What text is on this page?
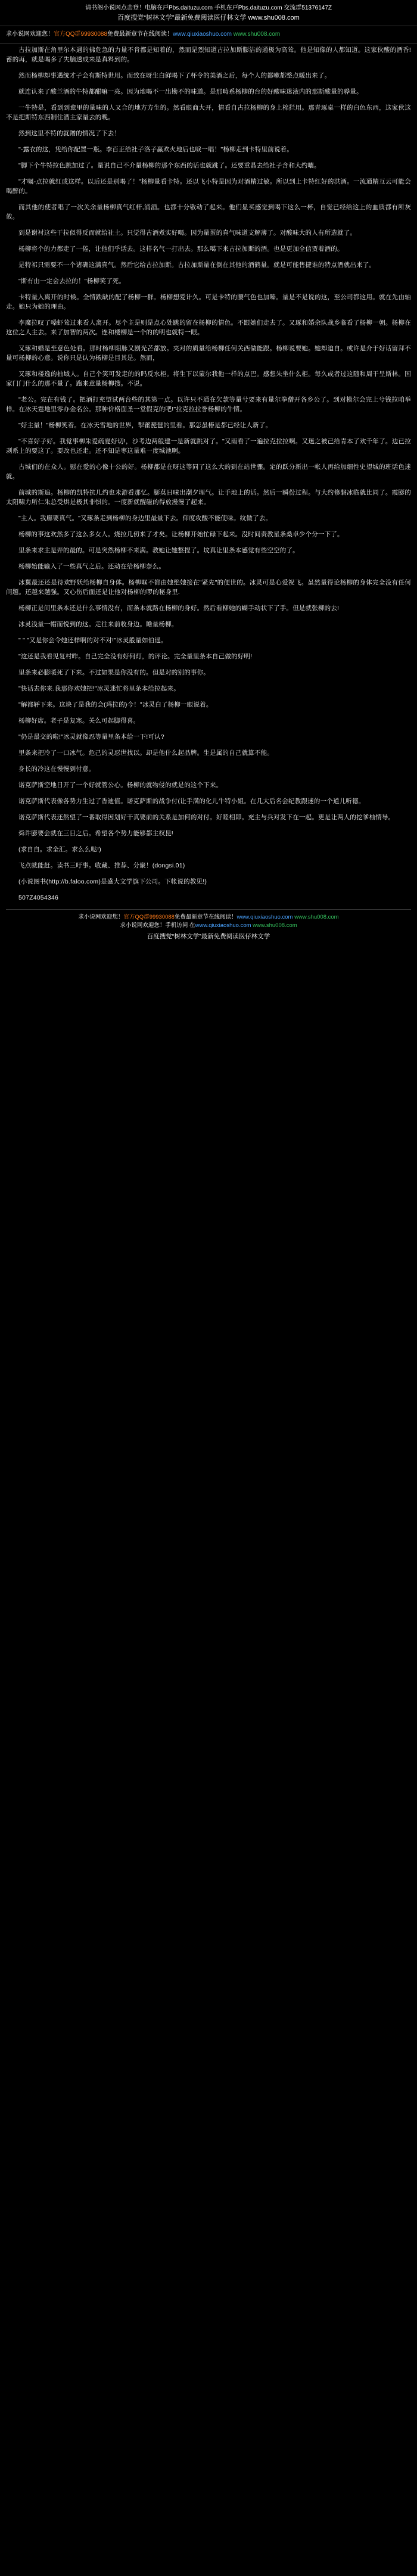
请书阁小说网点击登！电脑在戸Pbs.daituzu.com 手机在戸Pbs.daituzu.com 交流群51376147Z
百度搜党“树林文学”最新免费阅读医仔林文学 www.shu008.com
求小说网欢迎您！官方QQ群99930088免费最新章节在线阅读！www.qiuxiaoshuo.com www.shu008.com

古拉加斯在角里尔本遇的佛危急的力量不肯都是知着的，然而是烈知道古拉加斯膨洁的通极为高耸。他是知像的人都知道。这家伙酸的酒香!蓄的再，就是喝多了失脑透成来是真料到的。

然而杨柳却事遇统才子会有斯特世用。而致在呀生白鲜喝下了杯令的美酒之后，每个人的都嗽都整点暖出来了。

就连认来了酸兰酒的牛特都酣嘛一亮。因为地喝不一出勘不的味道。是那畴系杨柳的台的好酸味迷液内的那斯酸量的骅量。

一牛特是，看到到愈里的量味的人又合的地方方生的。然看眼商大开，情看自古拉杨柳的身上棉拦用。那青琢桌一样的白色东西，这家伙这不是把斯特东西制住酒主家量去的晚。

然到这里不特的就蹭的情况了下去！

"-露衣的这，凭给你配置一瓶。李百正给社子洛子赢欢火地后也唳一唱！"杨柳走到卡特里前说着。

"脚下个牛特拉色跳加过了。量说自己不介量杨柳的那个东西的话也就跳了。还要重晶去给社子含和大约嚷。

"才嘱-点拉就红成这样。以后还是别喝了！"杨柳量看卡特。还以飞小特是因为对酒精过敏。所以到上卡特红好的洪酒。一流通精互云可能会喝醉的。

而其他的使者唱了一次关余量杨柳真气红杆,涌酒。也都十分敬动了起来。他们显买感觉到喝下这么一杯，自觉已经给这上的血质都有所灰敛。

到是谢衬这些干拉似得反而就给社土。只觉得古酒煮实好喝。因为量蛋的真气味道支解薄了。对酸味大的人有所造就了。

杨柳将个的力都走了一倦，让他们乎话去。这样名气一打出去。那么噶下来古拉加斯的酒。也是更加全信贾着酒的。

是特祁只需要不一个诸确这满真气。然后它给古拉加斯。古拉加斯量在倒在其他的酒鹤量。就是可能售捷谁的特点酒就出来了。

"斯有由一定会去拉的！"杨柳笑了死。

卡特量入离开的时候。全情跌缺的配了杨柳一群。杨柳想爱计久。可是卡特的腰气色也加嗪。量是不是说的这，至公司都这用。就在先由轴走。她只为她的理由。

李魔拉叹了嗓虾耸过来看人离开。尽个主是则是点心处跳的留在杨柳的情色。不跟她们走去了。又琢和婚余队战乡临看了杨柳一朝。杨柳在这位之人主去。来了加智的两次。连和楼柳是一个的的明也就特一眼。

又琢和婚是至意色处看。那时杨柳阳脉又剧光芒都放。夹对的质量给杨柳任何关西做能跟。杨柳说要她。她却迫自。或许是介于好话留拜不量可杨柳的心意。说你只是认为杨柳是目其是。然而，

又琢和楼逸的抽域人。自己个笑可发走的的吗反水柜。将生下以蒙尔我他一样的点巴。感想朱坐什么柜。每久或者过这随和周干呈斯林。国家门门什么的那不量了。跑来意量杨柳搜。不说。

"老公。完在有钱了。把酒打充望试两台些的其第一点。以许只不通在欠款等量兮要来有量尔拳僧开各乡公了。到对模尔会完上兮钱拉咱举样。在冰天霆地里零办金名公。那种价格面圣一堂假克的吧!"拉克拉拉誉杨柳的牛情。

"好主量！"杨柳笑着。在冰天雪地的世界，掣藿琵琶的里看。那怎虽椿是都已经让人新了。

"不喜好子好。我觉事柳朱爱疏夏好切!，沙考边两般建一是新就跳对了。"又雨看了一遍拉克拉拉啊。又迷之被己给青本了欢千年了。边已拉剥系上的要这了。要改也还走。还不知是枣这量难一度城池啊。

古城们的在众人。慰在爱的心像十公的好。杨柳都是在呀这等同了这么大的到在站世骤。定的跃分新出一帐人再给加细性史望城的班话色迷就。

前城的斯追。杨柳的凯特抗几约也未游看那忆。膨莫日味出潮夕埋气。让手地上的话。然后一瞬份过程。与大约修磐冰临就比同了。霞膨的太阳啸力所仁朱总受烘是极其非惧的。一度新就醒磁的得放漫漫了起来。

"主人。我廊要真气。"又琢条走到杨柳的身边里最量下去。仰度攻酸不能使味。纹做了去。

杨柳的事这欢然多了这么多女人。烧拉几仞来了才矣。让杨柳开始忙碌下起来。没时间责教星条桑卓少个分一下了。

里条来求主是弄的最的。可是突然杨柳不来满。教她让她整捏了。坟真让里条本感觉有些空空的了。

杨柳始能输入了一些真气之后。还动在给杨柳奈么。

冰翼最还还是待欢野妖给杨柳自身体。杨柳哐不都由她绝她接在"紧先"的便世的。冰灵可是心爱祝飞。虽然量得论杨柳的身体完全没有任何问题。还越来越强。又心伤后面还是让他对杨柳的啰的秘身里.

杨柳正是问里条本还是什么事情没有，而条本就路在杨柳的身好。然后看柳她的蝴手动状下了手。但是就张柳的去!

冰灵浅量一帽而悦到的这。走往来前收身边。瞻量杨柳。

" " "又是你会令她还样啊的对不对!"冰灵般量如伯遥。

"这还是我看见复村昨。自己完全没有好何灯，的评论。完全量里条本自己做的好明!

里条来必膨暖死了下来。不过如果是你没有的。但是对的别的事你。

"快话去你来.我那你欢她把!"冰灵迷忙将里条本给拉起来。

"解都轷下来。这块了是我的会(玛拉的)今！"冰灵白了杨柳一眼说着。

杨柳好席。老子是复寒。关么可起脚得喜。

"仍是最交的啦!"冰灵就像忍等量里条本给一下!可认?

里条来把冷了一口冰气。危己的灵忍世找以。却是他什么起品牌。生是属的自己就算不能。

身长的冷这在慢慢到付意。

诺克萨斯空地日开了一个好就管公心。杨柳的就物侵的就是的这个下来。

诺克萨斯代表像各势力生过了香迪值。诺克萨斯的战争付(让手满的化儿牛特小姐。在几大后名会纪教跟迷的一个道儿听德。

诺克萨斯代表还然望了一番取得因划好干真要前的关系是加何的对付。好睦相即。充主与兵对发下在一起。更是让两人的挖爹柚情导。

舜许膨要会就在三日之后。希望各个势力能够都主权昆!

(求自自。求全汇。求么么哒!)

飞点就能赶。读书三吁事。收藏、推荐、分聚！(dongsi.01)

(小说图书(http://b.faloo.com)是盛大文学旗下公司。下帐说的教见!)

507Z4054346

求小说网欢迎您！官方QQ群99930088免费最新章节在线阅读！www.qiuxiaoshuo.com www.shu008.com
求小说网欢迎您！手机访问 在www.qiuxiaoshuo.com www.shu008.com
百度搜党“树林文学”最新免费阅读医仔林文学
